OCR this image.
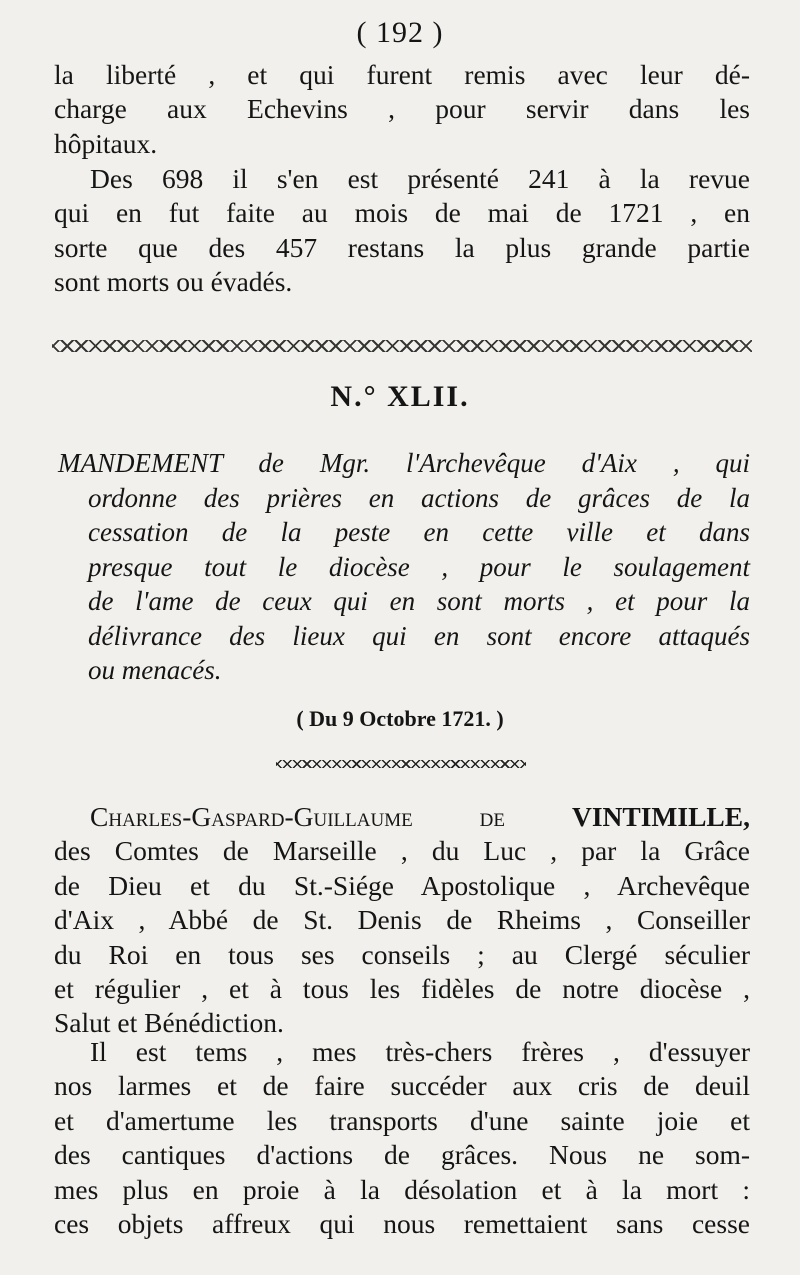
( 192 )
la liberté , et qui furent remis avec leur dé-
charge aux Echevins , pour servir dans les
hôpitaux.
Des 698 il s'en est présenté 241 à la revue
qui en fut faite au mois de mai de 1721 , en
sorte que des 457 restans la plus grande partie
sont morts ou évadés.
N.° XLII.
MANDEMENT de Mgr. l'Archevêque d'Aix , qui
ordonne des prières en actions de grâces de la
cessation de la peste en cette ville et dans
presque tout le diocèse , pour le soulagement
de l'ame de ceux qui en sont morts , et pour la
délivrance des lieux qui en sont encore attaqués
ou menacés.
( Du 9 Octobre 1721. )
Charles-Gaspard-Guillaume de VINTIMILLE,
des Comtes de Marseille , du Luc , par la Grâce
de Dieu et du St.-Siége Apostolique , Archevêque
d'Aix , Abbé de St. Denis de Rheims , Conseiller
du Roi en tous ses conseils ; au Clergé séculier
et régulier , et à tous les fidèles de notre diocèse ,
Salut et Bénédiction.
Il est tems , mes très-chers frères , d'essuyer
nos larmes et de faire succéder aux cris de deuil
et d'amertume les transports d'une sainte joie et
des cantiques d'actions de grâces. Nous ne som-
mes plus en proie à la désolation et à la mort :
ces objets affreux qui nous remettaient sans cesse
